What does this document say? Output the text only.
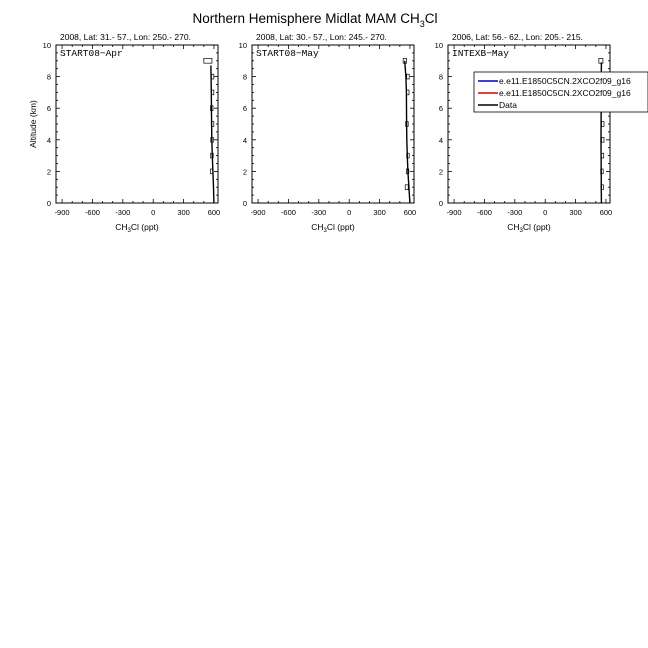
Northern Hemisphere Midlat MAM $CH_3Cl$
2008, Lat: 31.- 57., Lon: 250.- 270.
START08−Apr
-900 -600 -300	0	300 600
0
2
4
6
8
10
$CH_3Cl$ (ppt)
Altitude (km)
2008, Lat: 30.- 57., Lon: 245.- 270.
START08−May
-900 -600 -300	0	300 600
0
2
4
6
8
10
$CH_3Cl$ (ppt)
2006, Lat: 56.- 62., Lon: 205.- 215.
INTEXB−May
-900 -600 -300	0	300 600
0
2
4
6
8
10
$CH_3Cl$ (ppt)
e.e11.E1850C5CN.2XCO2f09_g16
e.e11.E1850C5CN.2XCO2f09_g16
Data
